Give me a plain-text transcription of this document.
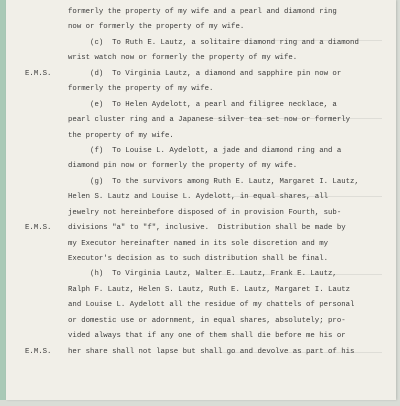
formerly the property of my wife and a pearl and diamond ring
now or formerly the property of my wife.
(c)  To Ruth E. Lautz, a solitaire diamond ring and a diamond
wrist watch now or formerly the property of my wife.
(d)  To Virginia Lautz, a diamond and sapphire pin now or
E.M.S.
formerly the property of my wife.
(e)  To Helen Aydelott, a pearl and filigree necklace, a
pearl cluster ring and a Japanese silver tea set now or formerly
the property of my wife.
(f)  To Louise L. Aydelott, a jade and diamond ring and a
diamond pin now or formerly the property of my wife.
(g)  To the survivors among Ruth E. Lautz, Margaret I. Lautz,
Helen S. Lautz and Louise L. Aydelott, in equal shares, all
jewelry not hereinbefore disposed of in provision Fourth, sub-
divisions "a" to "f", inclusive.  Distribution shall be made by
E.M.S.
my Executor hereinafter named in its sole discretion and my
Executor's decision as to such distribution shall be final.
(h)  To Virginia Lautz, Walter E. Lautz, Frank E. Lautz,
Ralph F. Lautz, Helen S. Lautz, Ruth E. Lautz, Margaret I. Lautz
and Louise L. Aydelott all the residue of my chattels of personal
or domestic use or adornment, in equal shares, absolutely; pro-
vided always that if any one of them shall die before me his or
her share shall not lapse but shall go and devolve as part of his
E.M.S.
